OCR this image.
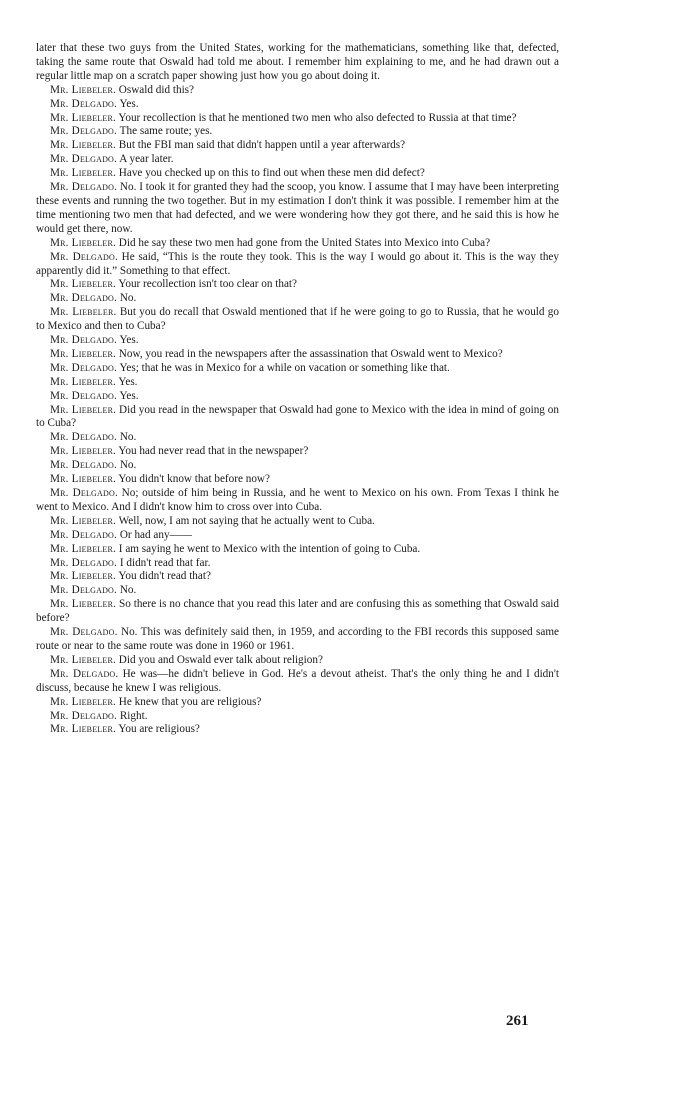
later that these two guys from the United States, working for the mathematicians, something like that, defected, taking the same route that Oswald had told me about. I remember him explaining to me, and he had drawn out a regular little map on a scratch paper showing just how you go about doing it.

Mr. Liebeler. Oswald did this?

Mr. Delgado. Yes.

Mr. Liebeler. Your recollection is that he mentioned two men who also defected to Russia at that time?

Mr. Delgado. The same route; yes.

Mr. Liebeler. But the FBI man said that didn't happen until a year afterwards?

Mr. Delgado. A year later.

Mr. Liebeler. Have you checked up on this to find out when these men did defect?

Mr. Delgado. No. I took it for granted they had the scoop, you know. I assume that I may have been interpreting these events and running the two together. But in my estimation I don't think it was possible. I remember him at the time mentioning two men that had defected, and we were wondering how they got there, and he said this is how he would get there, now.

Mr. Liebeler. Did he say these two men had gone from the United States into Mexico into Cuba?

Mr. Delgado. He said, “This is the route they took. This is the way I would go about it. This is the way they apparently did it.” Something to that effect.

Mr. Liebeler. Your recollection isn't too clear on that?

Mr. Delgado. No.

Mr. Liebeler. But you do recall that Oswald mentioned that if he were going to go to Russia, that he would go to Mexico and then to Cuba?

Mr. Delgado. Yes.

Mr. Liebeler. Now, you read in the newspapers after the assassination that Oswald went to Mexico?

Mr. Delgado. Yes; that he was in Mexico for a while on vacation or something like that.

Mr. Liebeler. Yes.

Mr. Delgado. Yes.

Mr. Liebeler. Did you read in the newspaper that Oswald had gone to Mexico with the idea in mind of going on to Cuba?

Mr. Delgado. No.

Mr. Liebeler. You had never read that in the newspaper?

Mr. Delgado. No.

Mr. Liebeler. You didn't know that before now?

Mr. Delgado. No; outside of him being in Russia, and he went to Mexico on his own. From Texas I think he went to Mexico. And I didn't know him to cross over into Cuba.

Mr. Liebeler. Well, now, I am not saying that he actually went to Cuba.

Mr. Delgado. Or had any——

Mr. Liebeler. I am saying he went to Mexico with the intention of going to Cuba.

Mr. Delgado. I didn't read that far.

Mr. Liebeler. You didn't read that?

Mr. Delgado. No.

Mr. Liebeler. So there is no chance that you read this later and are confusing this as something that Oswald said before?

Mr. Delgado. No. This was definitely said then, in 1959, and according to the FBI records this supposed same route or near to the same route was done in 1960 or 1961.

Mr. Liebeler. Did you and Oswald ever talk about religion?

Mr. Delgado. He was—he didn't believe in God. He's a devout atheist. That's the only thing he and I didn't discuss, because he knew I was religious.

Mr. Liebeler. He knew that you are religious?

Mr. Delgado. Right.

Mr. Liebeler. You are religious?

261
